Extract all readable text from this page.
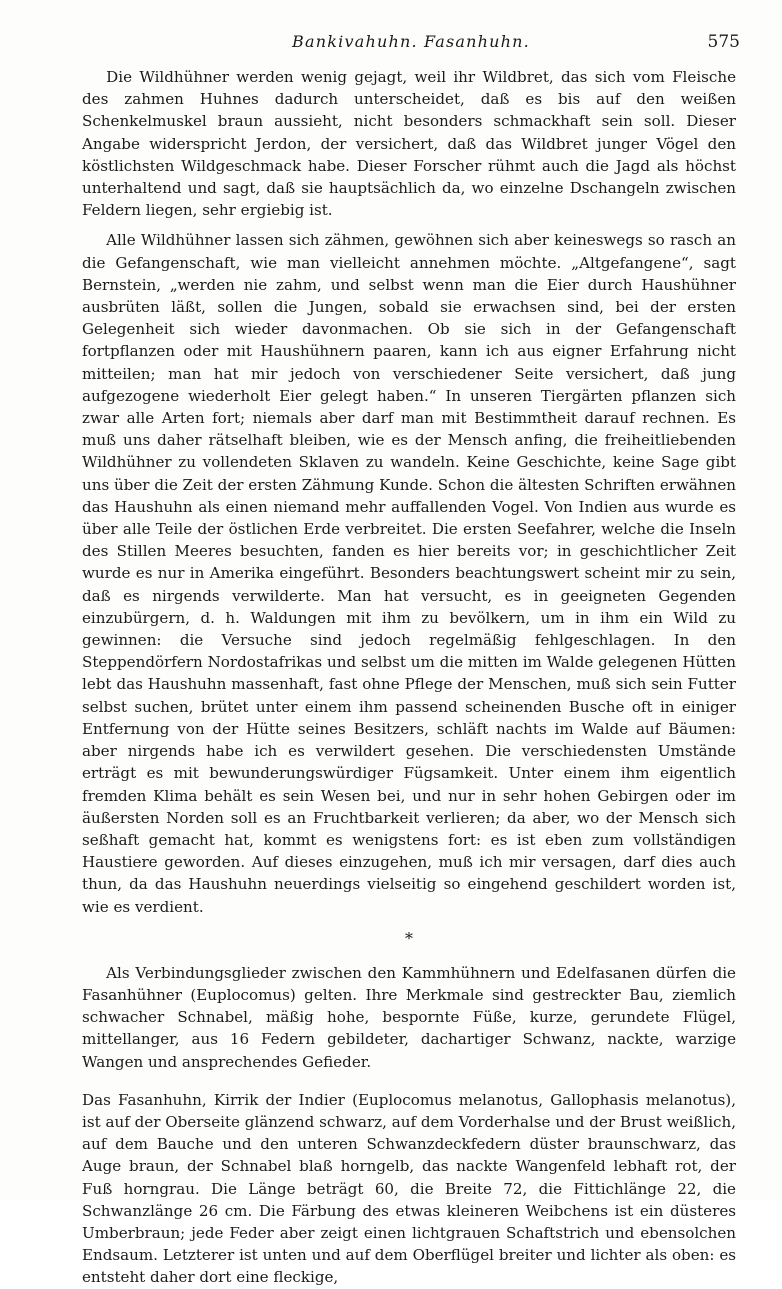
Bankivahuhn. Fasanhuhn.	575

Die Wildhühner werden wenig gejagt, weil ihr Wildbret, das sich vom Fleische des zahmen Huhnes dadurch unterscheidet, daß es bis auf den weißen Schenkelmuskel braun aussieht, nicht besonders schmackhaft sein soll. Dieser Angabe widerspricht Jerdon, der versichert, daß das Wildbret junger Vögel den köstlichsten Wildgeschmack habe. Dieser Forscher rühmt auch die Jagd als höchst unterhaltend und sagt, daß sie hauptsächlich da, wo einzelne Dschangeln zwischen Feldern liegen, sehr ergiebig ist.

Alle Wildhühner lassen sich zähmen, gewöhnen sich aber keineswegs so rasch an die Gefangenschaft, wie man vielleicht annehmen möchte. „Altgefangene“, sagt Bernstein, „werden nie zahm, und selbst wenn man die Eier durch Haushühner ausbrüten läßt, sollen die Jungen, sobald sie erwachsen sind, bei der ersten Gelegenheit sich wieder davonmachen. Ob sie sich in der Gefangenschaft fortpflanzen oder mit Haushühnern paaren, kann ich aus eigner Erfahrung nicht mitteilen; man hat mir jedoch von verschiedener Seite versichert, daß jung aufgezogene wiederholt Eier gelegt haben.“ In unseren Tiergärten pflanzen sich zwar alle Arten fort; niemals aber darf man mit Bestimmtheit darauf rechnen. Es muß uns daher rätselhaft bleiben, wie es der Mensch anfing, die freiheitliebenden Wildhühner zu vollendeten Sklaven zu wandeln. Keine Geschichte, keine Sage gibt uns über die Zeit der ersten Zähmung Kunde. Schon die ältesten Schriften erwähnen das Haushuhn als einen niemand mehr auffallenden Vogel. Von Indien aus wurde es über alle Teile der östlichen Erde verbreitet. Die ersten Seefahrer, welche die Inseln des Stillen Meeres besuchten, fanden es hier bereits vor; in geschichtlicher Zeit wurde es nur in Amerika eingeführt. Besonders beachtungswert scheint mir zu sein, daß es nirgends verwilderte. Man hat versucht, es in geeigneten Gegenden einzubürgern, d. h. Waldungen mit ihm zu bevölkern, um in ihm ein Wild zu gewinnen: die Versuche sind jedoch regelmäßig fehlgeschlagen. In den Steppendörfern Nordostafrikas und selbst um die mitten im Walde gelegenen Hütten lebt das Haushuhn massenhaft, fast ohne Pflege der Menschen, muß sich sein Futter selbst suchen, brütet unter einem ihm passend scheinenden Busche oft in einiger Entfernung von der Hütte seines Besitzers, schläft nachts im Walde auf Bäumen: aber nirgends habe ich es verwildert gesehen. Die verschiedensten Umstände erträgt es mit bewunderungswürdiger Fügsamkeit. Unter einem ihm eigentlich fremden Klima behält es sein Wesen bei, und nur in sehr hohen Gebirgen oder im äußersten Norden soll es an Fruchtbarkeit verlieren; da aber, wo der Mensch sich seßhaft gemacht hat, kommt es wenigstens fort: es ist eben zum vollständigen Haustiere geworden. Auf dieses einzugehen, muß ich mir versagen, darf dies auch thun, da das Haushuhn neuerdings vielseitig so eingehend geschildert worden ist, wie es verdient.

*

Als Verbindungsglieder zwischen den Kammhühnern und Edelfasanen dürfen die Fasanhühner (Euplocomus) gelten. Ihre Merkmale sind gestreckter Bau, ziemlich schwacher Schnabel, mäßig hohe, bespornte Füße, kurze, gerundete Flügel, mittellanger, aus 16 Federn gebildeter, dachartiger Schwanz, nackte, warzige Wangen und ansprechendes Gefieder.

Das Fasanhuhn, Kirrik der Indier (Euplocomus melanotus, Gallophasis melanotus), ist auf der Oberseite glänzend schwarz, auf dem Vorderhalse und der Brust weißlich, auf dem Bauche und den unteren Schwanzdeckfedern düster braunschwarz, das Auge braun, der Schnabel blaß horngelb, das nackte Wangenfeld lebhaft rot, der Fuß horngrau. Die Länge beträgt 60, die Breite 72, die Fittichlänge 22, die Schwanzlänge 26 cm. Die Färbung des etwas kleineren Weibchens ist ein düsteres Umberbraun; jede Feder aber zeigt einen lichtgrauen Schaftstrich und ebensolchen Endsaum. Letzterer ist unten und auf dem Oberflügel breiter und lichter als oben: es entsteht daher dort eine fleckige,
